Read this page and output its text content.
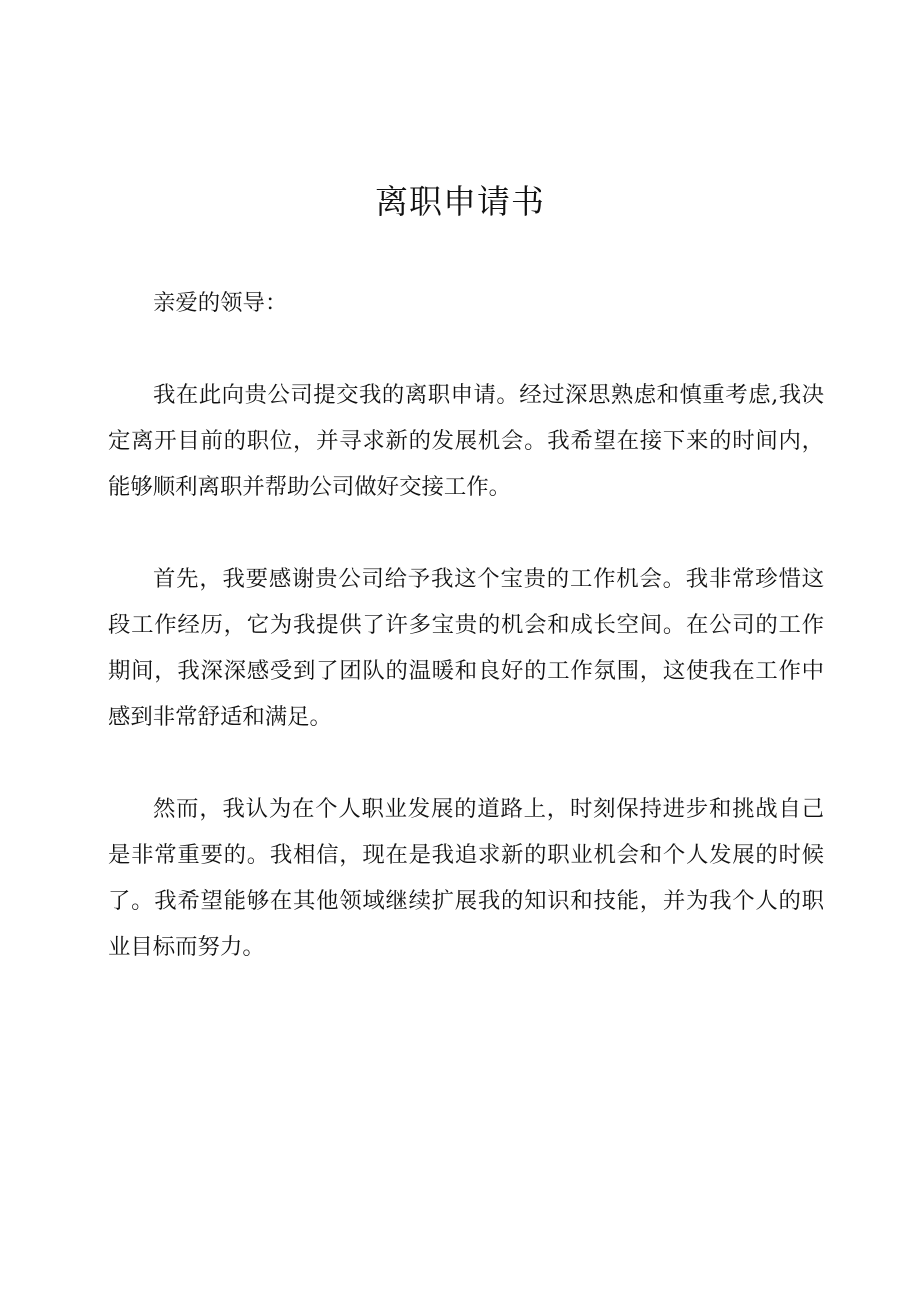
离职申请书

亲爱的领导：

我在此向贵公司提交我的离职申请。经过深思熟虑和慎重考虑,我决定离开目前的职位，并寻求新的发展机会。我希望在接下来的时间内，能够顺利离职并帮助公司做好交接工作。

首先，我要感谢贵公司给予我这个宝贵的工作机会。我非常珍惜这段工作经历，它为我提供了许多宝贵的机会和成长空间。在公司的工作期间，我深深感受到了团队的温暖和良好的工作氛围，这使我在工作中感到非常舒适和满足。

然而，我认为在个人职业发展的道路上，时刻保持进步和挑战自己是非常重要的。我相信，现在是我追求新的职业机会和个人发展的时候了。我希望能够在其他领域继续扩展我的知识和技能，并为我个人的职业目标而努力。
